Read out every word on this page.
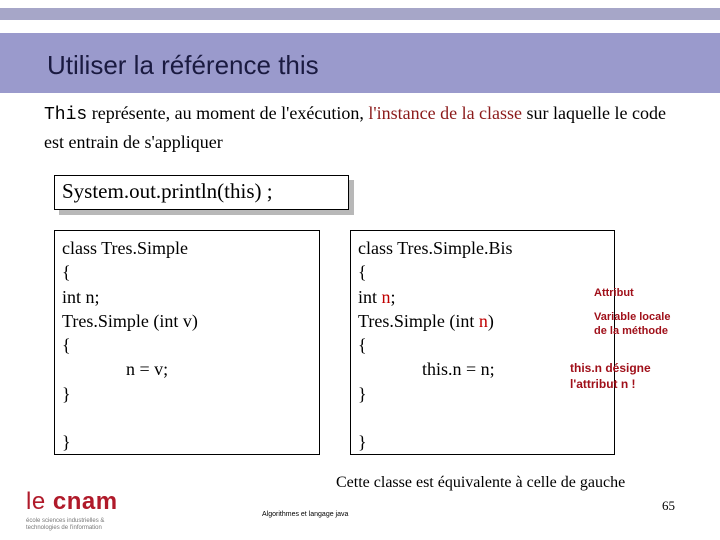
Utiliser la référence this
This représente, au moment de l'exécution, l'instance de la classe sur laquelle le code est entrain de s'appliquer
System.out.println(this) ;
class Tres.Simple
{
int n;
Tres.Simple (int v)
{
n = v;
}
}
class Tres.Simple.Bis
{
int n;
Tres.Simple (int n)
{
this.n = n;
}
}
Attribut
Variable locale
de la méthode
this.n désigne
l'attribut n !
Cette classe est équivalente à celle de gauche
65
Algorithmes et langage java
le cnam
école sciences industrielles &
technologies de l'information
